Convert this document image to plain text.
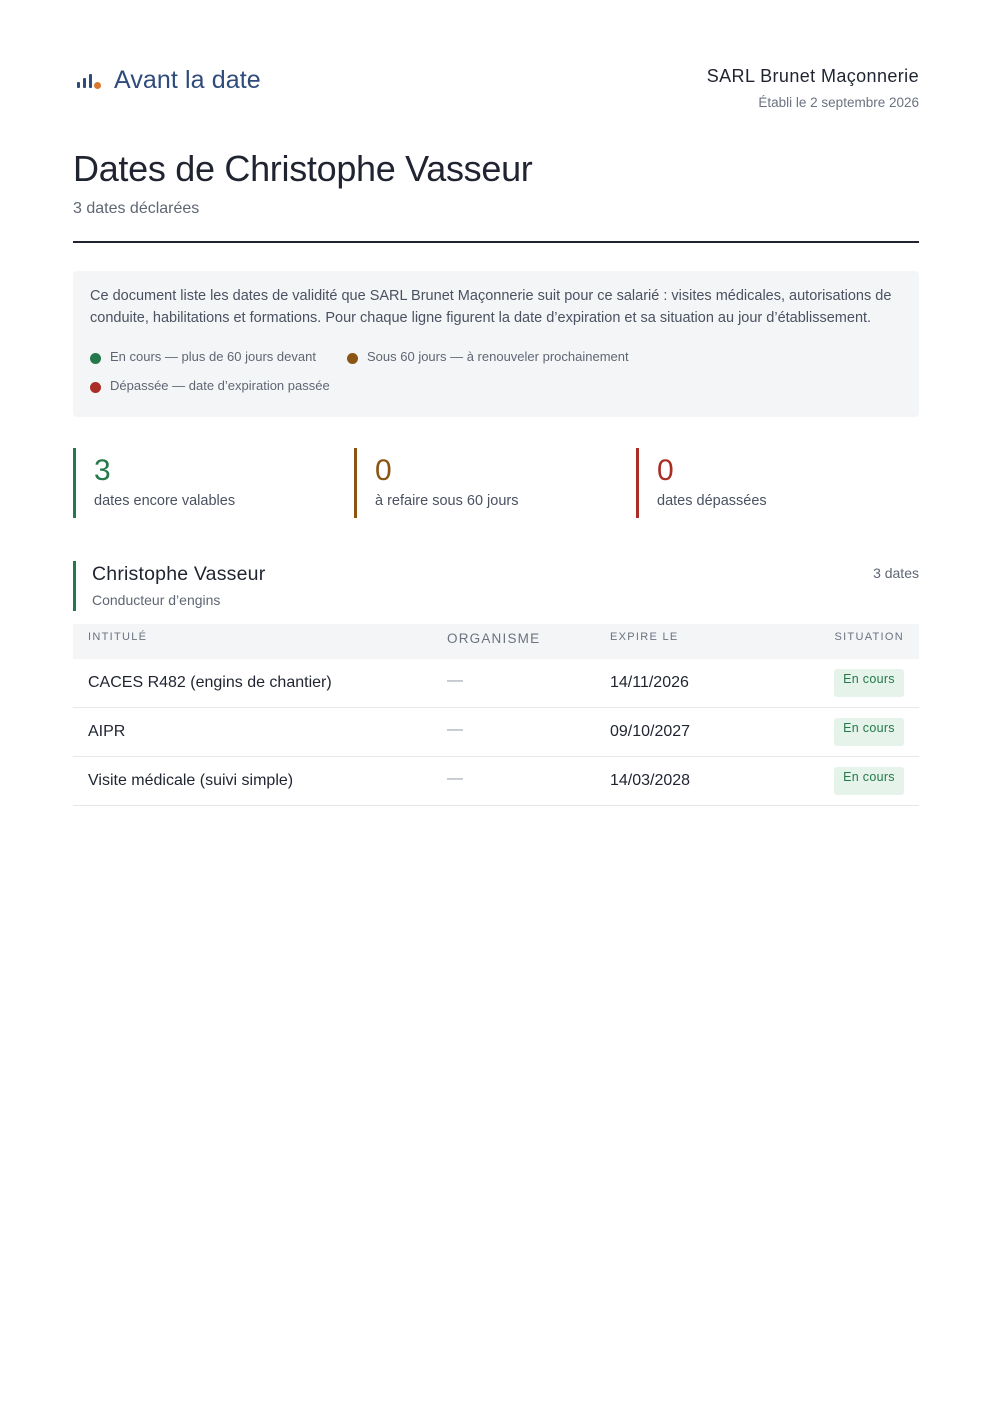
Avant la date	SARL Brunet Maçonnerie
Établi le 2 septembre 2026
Dates de Christophe Vasseur
3 dates déclarées

Ce document liste les dates de validité que SARL Brunet Maçonnerie suit pour ce salarié : visites médicales, autorisations de conduite, habilitations et formations. Pour chaque ligne figurent la date d’expiration et sa situation au jour d’établissement.

En cours — plus de 60 jours devant	Sous 60 jours — à renouveler prochainement
Dépassée — date d’expiration passée
3
dates encore valables
0
à refaire sous 60 jours
0
dates dépassées
Christophe Vasseur
Conducteur d’engins
3 dates
INTITULÉ	ORGANISME	EXPIRE LE	SITUATION
CACES R482 (engins de chantier)	—	14/11/2026	En cours
AIPR	—	09/10/2027	En cours
Visite médicale (suivi simple)	—	14/03/2028	En cours
